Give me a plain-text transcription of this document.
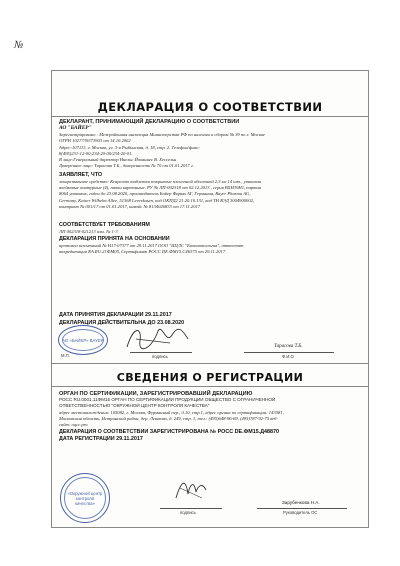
№
ДЕКЛАРАЦИЯ О СООТВЕТСТВИИ
ДЕКЛАРАНТ, ПРИНИМАЮЩИЙ ДЕКЛАРАЦИЮ О СООТВЕТСТВИИ
АО "БАЙЕР"
Зарегистрировано : Межрайонная инспекция Министерства РФ по налогам и сборам № 39 по г. Москве
ОГРН 1027739373903 от 14.10.2002
Адрес:107113, г. Москва, ул. 3-я Рыбинская, д. 18, стр. 2. Телефон/факс:
8(495)231-12-00;234-20-00/234-20-01.
В лице:Генеральный директор Ниельс Йоханнес В. Хессельн
Доверенное лицо: Тарасова Т.Б., доверенность № 70 от 01.01.2017 г.
ЗАЯВЛЯЕТ, ЧТО
лекарственное средство: Ксарелто таблетки покрытые пленочной оболочкой 2,5 мг 14 шт., упакован
ячейковые контурные (4), пачки картонные, РУ № ЛП-002318 от 02.12.2013 , серия BXH39H1, партия
8064 упаковок, годен до 23.08.2020, производитель Байер Фарма АГ, Германия, Bayer Pharma AG,
Germany, Kaiser Wilhelm Allee, 51368 Leverkusen, код ОКПД2 21.20.10.131, код ТН ВЭД 3004900002,
контракт № 001/17 от 01.01.2017, инвойс № 8134026833 от 17.11.2017
СООТВЕТСТВУЕТ ТРЕБОВАНИЯМ
ЛП 002318-021213 изм. № 1-3
ДЕКЛАРАЦИЯ ПРИНЯТА НА ОСНОВАНИИ
протокол испытаний № Н17-07377 от 29.11.2017 ООО "ИЦЛС "Биопиотология", аттестат
аккредитации RA.RU.21ФМ05, Сертификат РОСС DE.ФМ15.С46375 от 29.11.2017
ДАТА ПРИНЯТИЯ ДЕКЛАРАЦИИ 29.11.2017
ДЕКЛАРАЦИЯ ДЕЙСТВИТЕЛЬНА ДО 23.08.2020
АО «БАЙЕР» BAYER
М.П.	подпись
Тарасова Т.Б.
Ф.И.О
СВЕДЕНИЯ О РЕГИСТРАЦИИ
ОРГАН ПО СЕРТИФИКАЦИИ, ЗАРЕГИСТРИРОВАВШИЙ ДЕКЛАРАЦИЮ
РОСС RU.0001.11ФМ15 ОРГАН ПО СЕРТИФИКАЦИИ ПРОДУКЦИИ ОБЩЕСТВО С ОГРАНИЧЕННОЙ
ОТВЕТСТВЕННОСТЬЮ "ОКРУЖНОЙ ЦЕНТР КОНТРОЛЯ КАЧЕСТВА"
адрес местонахождения: 105082, г. Москва, Фурманный пер., д.10, стр.1, адрес органа по сертификации: 143581,
Московская область, Истринский район, дер. Лешково, д. 249, стр. 1, тел.: (495)648-96-69, (495)787-92-75 веб-
сайт: oqcc.pro
ДЕКЛАРАЦИЯ О СООТВЕТСТВИИ ЗАРЕГИСТРИРОВАНА № РОСС DE.ФМ15.Д48870
ДАТА РЕГИСТРАЦИИ 29.11.2017
«Окружной центр контроля качества»
подпись
Зарубенкова Н.А.
Руководитель ОС
